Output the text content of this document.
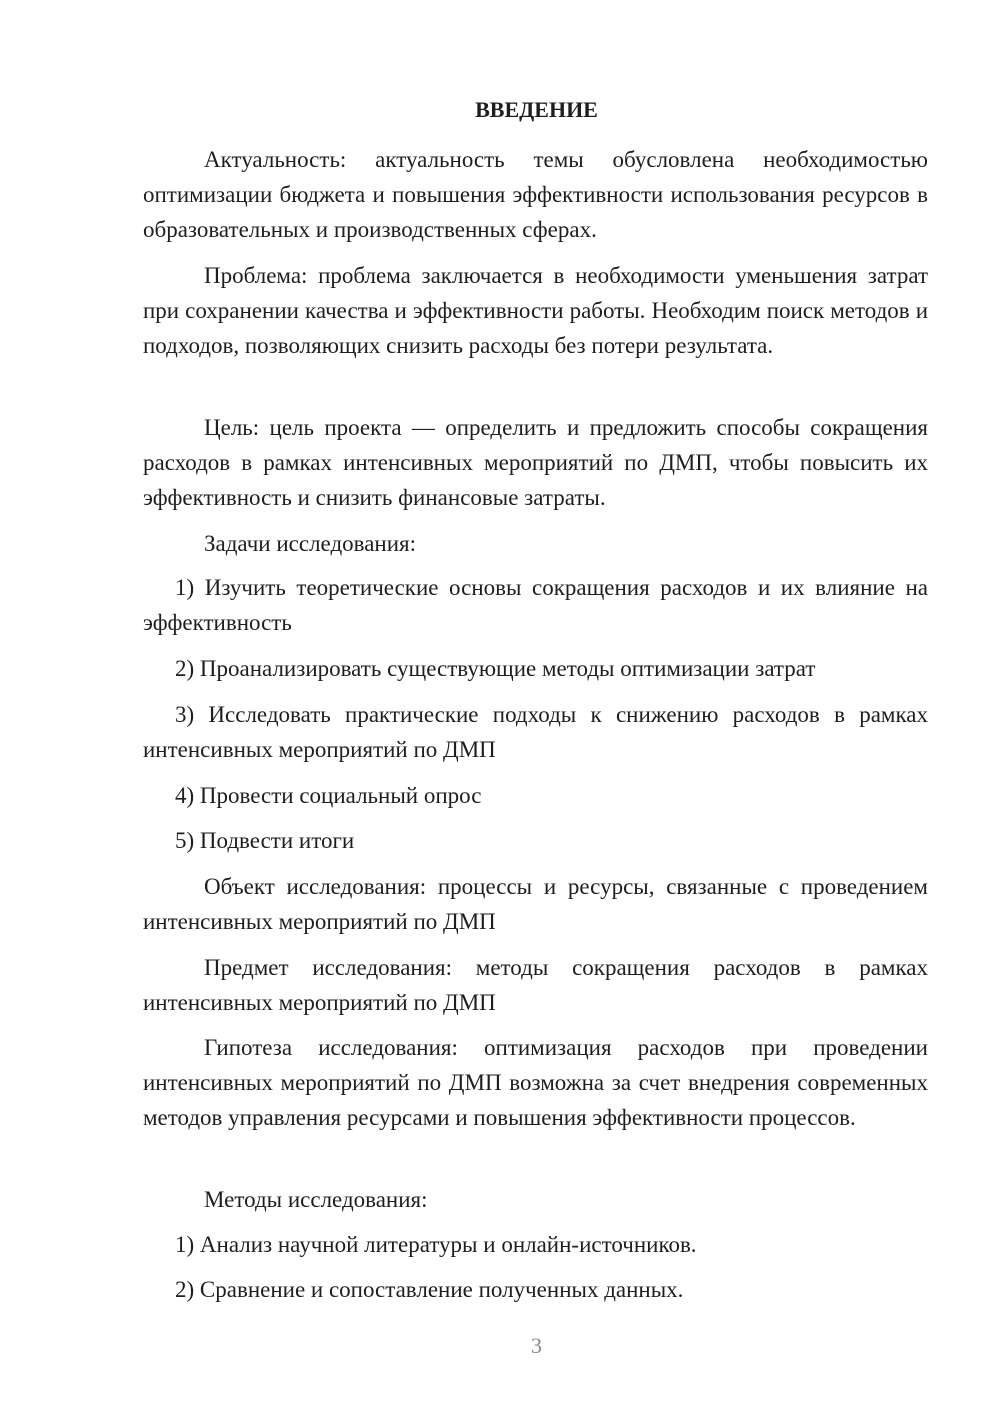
ВВЕДЕНИЕ

Актуальность: актуальность темы обусловлена необходимостью оптимизации бюджета и повышения эффективности использования ресурсов в образовательных и производственных сферах.

Проблема: проблема заключается в необходимости уменьшения затрат при сохранении качества и эффективности работы. Необходим поиск методов и подходов, позволяющих снизить расходы без потери результата.

Цель: цель проекта — определить и предложить способы сокращения расходов в рамках интенсивных мероприятий по ДМП, чтобы повысить их эффективность и снизить финансовые затраты.

Задачи исследования:

1) Изучить теоретические основы сокращения расходов и их влияние на эффективность

2) Проанализировать существующие методы оптимизации затрат

3) Исследовать практические подходы к снижению расходов в рамках интенсивных мероприятий по ДМП

4) Провести социальный опрос

5) Подвести итоги

Объект исследования: процессы и ресурсы, связанные с проведением интенсивных мероприятий по ДМП

Предмет исследования: методы сокращения расходов в рамках интенсивных мероприятий по ДМП

Гипотеза исследования: оптимизация расходов при проведении интенсивных мероприятий по ДМП возможна за счет внедрения современных методов управления ресурсами и повышения эффективности процессов.

Методы исследования:

1) Анализ научной литературы и онлайн-источников.

2) Сравнение и сопоставление полученных данных.

3
